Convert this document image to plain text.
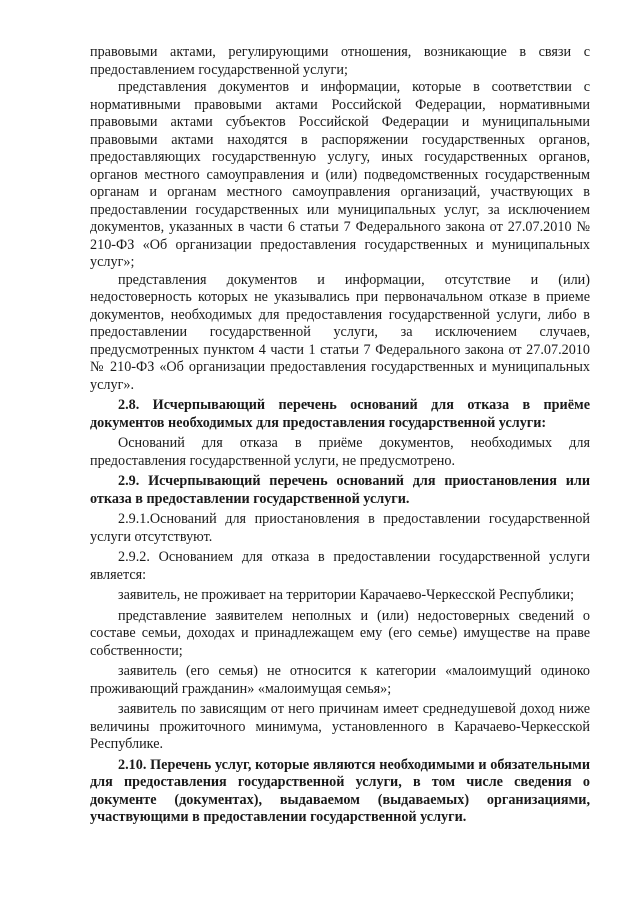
правовыми актами, регулирующими отношения, возникающие в связи с предоставлением государственной услуги;

представления документов и информации, которые в соответствии с нормативными правовыми актами Российской Федерации, нормативными правовыми актами субъектов Российской Федерации и муниципальными правовыми актами находятся в распоряжении государственных органов, предоставляющих государственную услугу, иных государственных органов, органов местного самоуправления и (или) подведомственных государственным органам и органам местного самоуправления организаций, участвующих в предоставлении государственных или муниципальных услуг, за исключением документов, указанных в части 6 статьи 7 Федерального закона от 27.07.2010 № 210-ФЗ «Об организации предоставления государственных и муниципальных услуг»;

представления документов и информации, отсутствие и (или) недостоверность которых не указывались при первоначальном отказе в приеме документов, необходимых для предоставления государственной услуги, либо в предоставлении государственной услуги, за исключением случаев, предусмотренных пунктом 4 части 1 статьи 7 Федерального закона от 27.07.2010 № 210-ФЗ «Об организации предоставления государственных и муниципальных услуг».

2.8. Исчерпывающий перечень оснований для отказа в приёме документов необходимых для предоставления государственной услуги:

Оснований для отказа в приёме документов, необходимых для предоставления государственной услуги, не предусмотрено.

2.9. Исчерпывающий перечень оснований для приостановления или отказа в предоставлении государственной услуги.

2.9.1.Оснований для приостановления в предоставлении государственной услуги отсутствуют.

2.9.2. Основанием для отказа в предоставлении государственной услуги является:

заявитель, не проживает на территории Карачаево-Черкесской Республики;

представление заявителем неполных и (или) недостоверных сведений о составе семьи, доходах и принадлежащем ему (его семье) имуществе на праве собственности;

заявитель (его семья) не относится к категории «малоимущий одиноко проживающий гражданин» «малоимущая семья»;

заявитель по зависящим от него причинам имеет среднедушевой доход ниже величины прожиточного минимума, установленного в Карачаево-Черкесской Республике.

2.10. Перечень услуг, которые являются необходимыми и обязательными для предоставления государственной услуги, в том числе сведения о документе (документах), выдаваемом (выдаваемых) организациями, участвующими в предоставлении государственной услуги.
